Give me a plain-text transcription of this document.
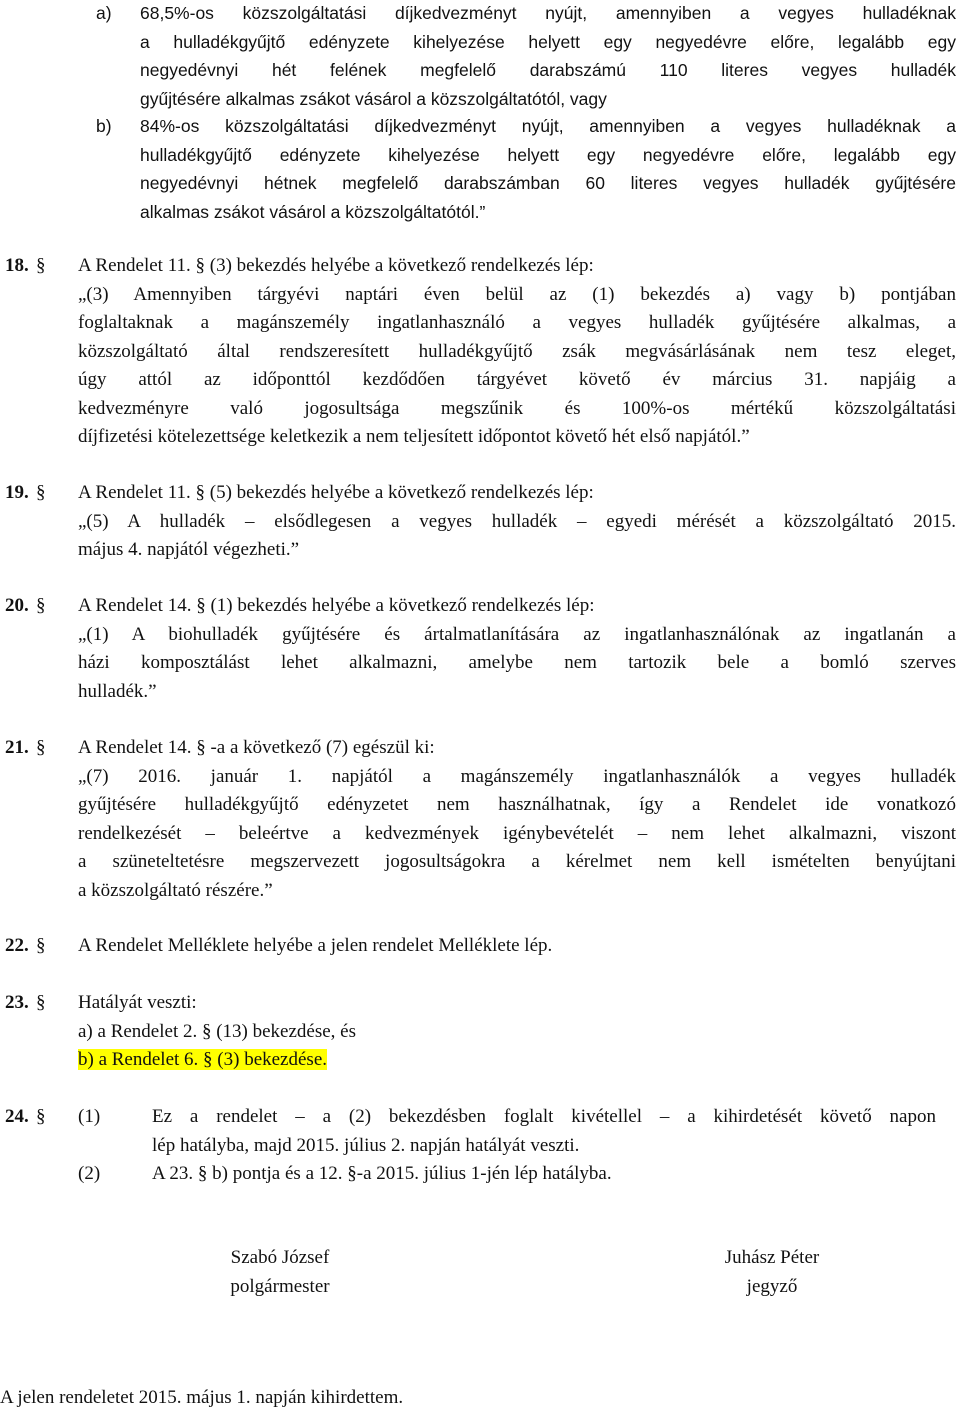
a) 68,5%-os közszolgáltatási díjkedvezményt nyújt, amennyiben a vegyes hulladéknak
a hulladékgyűjtő edényzete kihelyezése helyett egy negyedévre előre, legalább egy
negyedévnyi hét felének megfelelő darabszámú 110 literes vegyes hulladék
gyűjtésére alkalmas zsákot vásárol a közszolgáltatótól, vagy
b) 84%-os közszolgáltatási díjkedvezményt nyújt, amennyiben a vegyes hulladéknak a
hulladékgyűjtő edényzete kihelyezése helyett egy negyedévre előre, legalább egy
negyedévnyi hétnek megfelelő darabszámban 60 literes vegyes hulladék gyűjtésére
alkalmas zsákot vásárol a közszolgáltatótól.”
18. § A Rendelet 11. § (3) bekezdés helyébe a következő rendelkezés lép:
„(3) Amennyiben tárgyévi naptári éven belül az (1) bekezdés a) vagy b) pontjában
foglaltaknak a magánszemély ingatlanhasználó a vegyes hulladék gyűjtésére alkalmas, a
közszolgáltató által rendszeresített hulladékgyűjtő zsák megvásárlásának nem tesz eleget,
úgy attól az időponttól kezdődően tárgyévet követő év március 31. napjáig a
kedvezményre való jogosultsága megszűnik és 100%-os mértékű közszolgáltatási
díjfizetési kötelezettsége keletkezik a nem teljesített időpontot követő hét első napjától.”
19. § A Rendelet 11. § (5) bekezdés helyébe a következő rendelkezés lép:
„(5) A hulladék – elsődlegesen a vegyes hulladék – egyedi mérését a közszolgáltató 2015.
május 4. napjától végezheti.”
20. § A Rendelet 14. § (1) bekezdés helyébe a következő rendelkezés lép:
„(1) A biohulladék gyűjtésére és ártalmatlanítására az ingatlanhasználónak az ingatlanán a
házi komposztálást lehet alkalmazni, amelybe nem tartozik bele a bomló szerves
hulladék.”
21. § A Rendelet 14. § -a a következő (7) egészül ki:
„(7) 2016. január 1. napjától a magánszemély ingatlanhasználók a vegyes hulladék
gyűjtésére hulladékgyűjtő edényzetet nem használhatnak, így a Rendelet ide vonatkozó
rendelkezését – beleértve a kedvezmények igénybevételét – nem lehet alkalmazni, viszont
a szüneteltetésre megszervezett jogosultságokra a kérelmet nem kell ismételten benyújtani
a közszolgáltató részére.”
22. § A Rendelet Melléklete helyébe a jelen rendelet Melléklete lép.
23. § Hatályát veszti:
a) a Rendelet 2. § (13) bekezdése, és
b) a Rendelet 6. § (3) bekezdése.
24. § (1)	Ez a rendelet – a (2) bekezdésben foglalt kivétellel – a kihirdetését követő napon
lép hatályba, majd 2015. július 2. napján hatályát veszti.
(2)	A 23. § b) pontja és a 12. §-a 2015. július 1-jén lép hatályba.
Szabó József
polgármester
Juhász Péter
jegyző
A jelen rendeletet 2015. május 1. napján kihirdettem.
